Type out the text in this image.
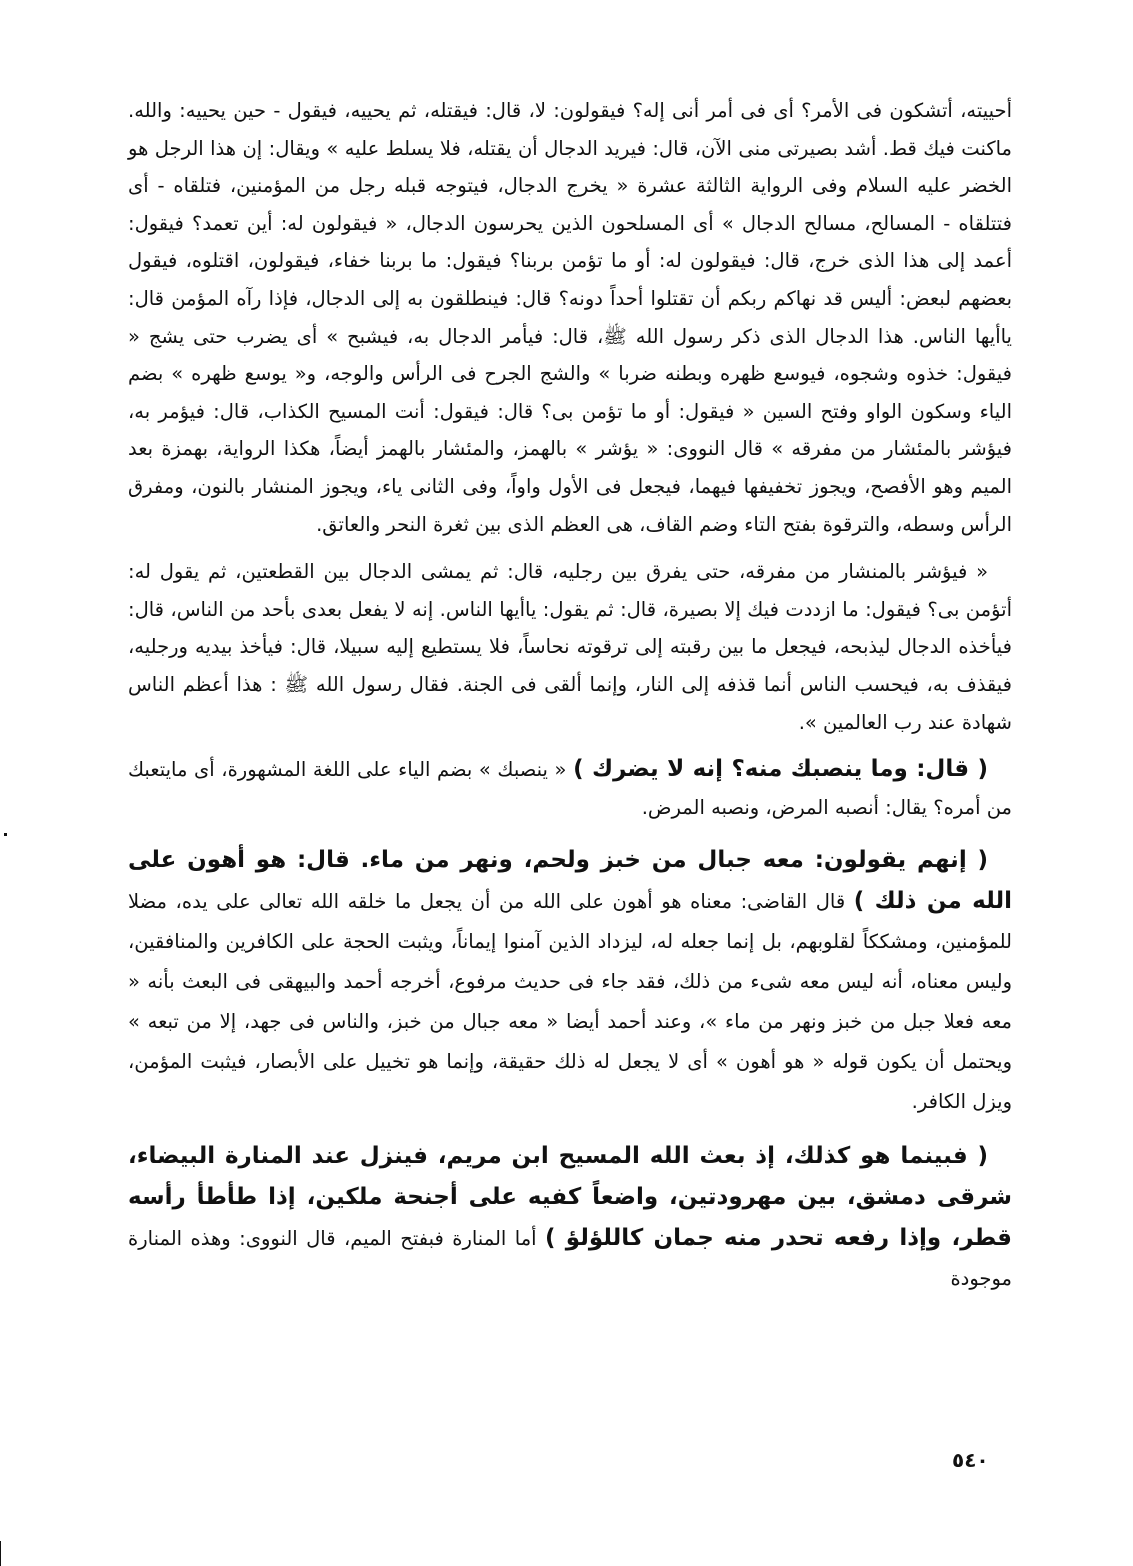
أحييته، أتشكون فى الأمر؟ أى فى أمر أنى إله؟ فيقولون: لا، قال: فيقتله، ثم يحييه، فيقول - حين يحييه: والله. ماكنت فيك قط. أشد بصيرتى منى الآن، قال: فيريد الدجال أن يقتله، فلا يسلط عليه » ويقال: إن هذا الرجل هو الخضر عليه السلام وفى الرواية الثالثة عشرة « يخرج الدجال، فيتوجه قبله رجل من المؤمنين، فتلقاه - أى فتتلقاه - المسالح، مسالح الدجال » أى المسلحون الذين يحرسون الدجال، « فيقولون له: أين تعمد؟ فيقول: أعمد إلى هذا الذى خرج، قال: فيقولون له: أو ما تؤمن بربنا؟ فيقول: ما بربنا خفاء، فيقولون، اقتلوه، فيقول بعضهم لبعض: أليس قد نهاكم ربكم أن تقتلوا أحداً دونه؟ قال: فينطلقون به إلى الدجال، فإذا رآه المؤمن قال: ياأيها الناس. هذا الدجال الذى ذكر رسول الله ﷺ، قال: فيأمر الدجال به، فيشبح » أى يضرب حتى يشج « فيقول: خذوه وشجوه، فيوسع ظهره وبطنه ضربا » والشج الجرح فى الرأس والوجه، و« يوسع ظهره » بضم الياء وسكون الواو وفتح السين « فيقول: أو ما تؤمن بى؟ قال: فيقول: أنت المسيح الكذاب، قال: فيؤمر به، فيؤشر بالمئشار من مفرقه » قال النووى: « يؤشر » بالهمز، والمئشار بالهمز أيضاً، هكذا الرواية، بهمزة بعد الميم وهو الأفصح، ويجوز تخفيفها فيهما، فيجعل فى الأول واواً، وفى الثانى ياء، ويجوز المنشار بالنون، ومفرق الرأس وسطه، والترقوة بفتح التاء وضم القاف، هى العظم الذى بين ثغرة النحر والعاتق.

« فيؤشر بالمنشار من مفرقه، حتى يفرق بين رجليه، قال: ثم يمشى الدجال بين القطعتين، ثم يقول له: أتؤمن بى؟ فيقول: ما ازددت فيك إلا بصيرة، قال: ثم يقول: ياأيها الناس. إنه لا يفعل بعدى بأحد من الناس، قال: فيأخذه الدجال ليذبحه، فيجعل ما بين رقبته إلى ترقوته نحاساً، فلا يستطيع إليه سبيلا، قال: فيأخذ بيديه ورجليه، فيقذف به، فيحسب الناس أنما قذفه إلى النار، وإنما ألقى فى الجنة. فقال رسول الله ﷺ : هذا أعظم الناس شهادة عند رب العالمين ».

( قال: وما ينصبك منه؟ إنه لا يضرك ) « ينصبك » بضم الياء على اللغة المشهورة، أى مايتعبك من أمره؟ يقال: أنصبه المرض، ونصبه المرض.

( إنهم يقولون: معه جبال من خبز ولحم، ونهر من ماء. قال: هو أهون على الله من ذلك ) قال القاضى: معناه هو أهون على الله من أن يجعل ما خلقه الله تعالى على يده، مضلا للمؤمنين، ومشككاً لقلوبهم، بل إنما جعله له، ليزداد الذين آمنوا إيماناً، ويثبت الحجة على الكافرين والمنافقين، وليس معناه، أنه ليس معه شىء من ذلك، فقد جاء فى حديث مرفوع، أخرجه أحمد والبيهقى فى البعث بأنه « معه فعلا جبل من خبز ونهر من ماء »، وعند أحمد أيضا « معه جبال من خبز، والناس فى جهد، إلا من تبعه » ويحتمل أن يكون قوله « هو أهون » أى لا يجعل له ذلك حقيقة، وإنما هو تخييل على الأبصار، فيثبت المؤمن، ويزل الكافر.

( فبينما هو كذلك، إذ بعث الله المسيح ابن مريم، فينزل عند المنارة البيضاء، شرقى دمشق، بين مهرودتين، واضعاً كفيه على أجنحة ملكين، إذا طأطأ رأسه قطر، وإذا رفعه تحدر منه جمان كاللؤلؤ ) أما المنارة فبفتح الميم، قال النووى: وهذه المنارة موجودة

٥٤٠
